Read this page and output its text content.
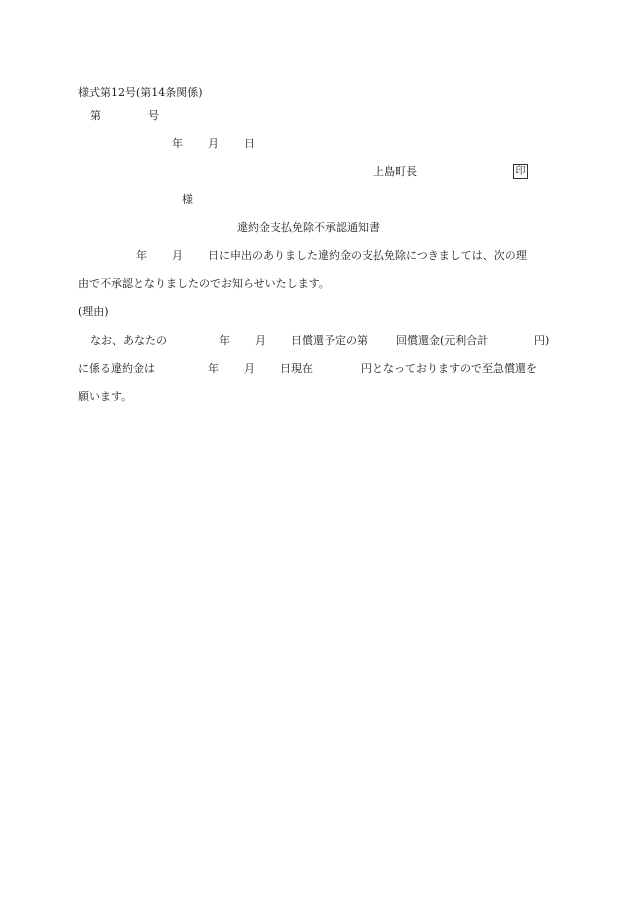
様式第12号(第14条関係)
第	号
年 月 日
上島町長	印
様
違約金支払免除不承認通知書
年 月 日に申出のありました違約金の支払免除につきましては、次の理
由で不承認となりましたのでお知らせいたします。
(理由)
なお、あなたの	年 月 日償還予定の第	回償還金(元利合計	円)
に係る違約金は	年 月 日現在	円となっておりますので至急償還を
願います。
